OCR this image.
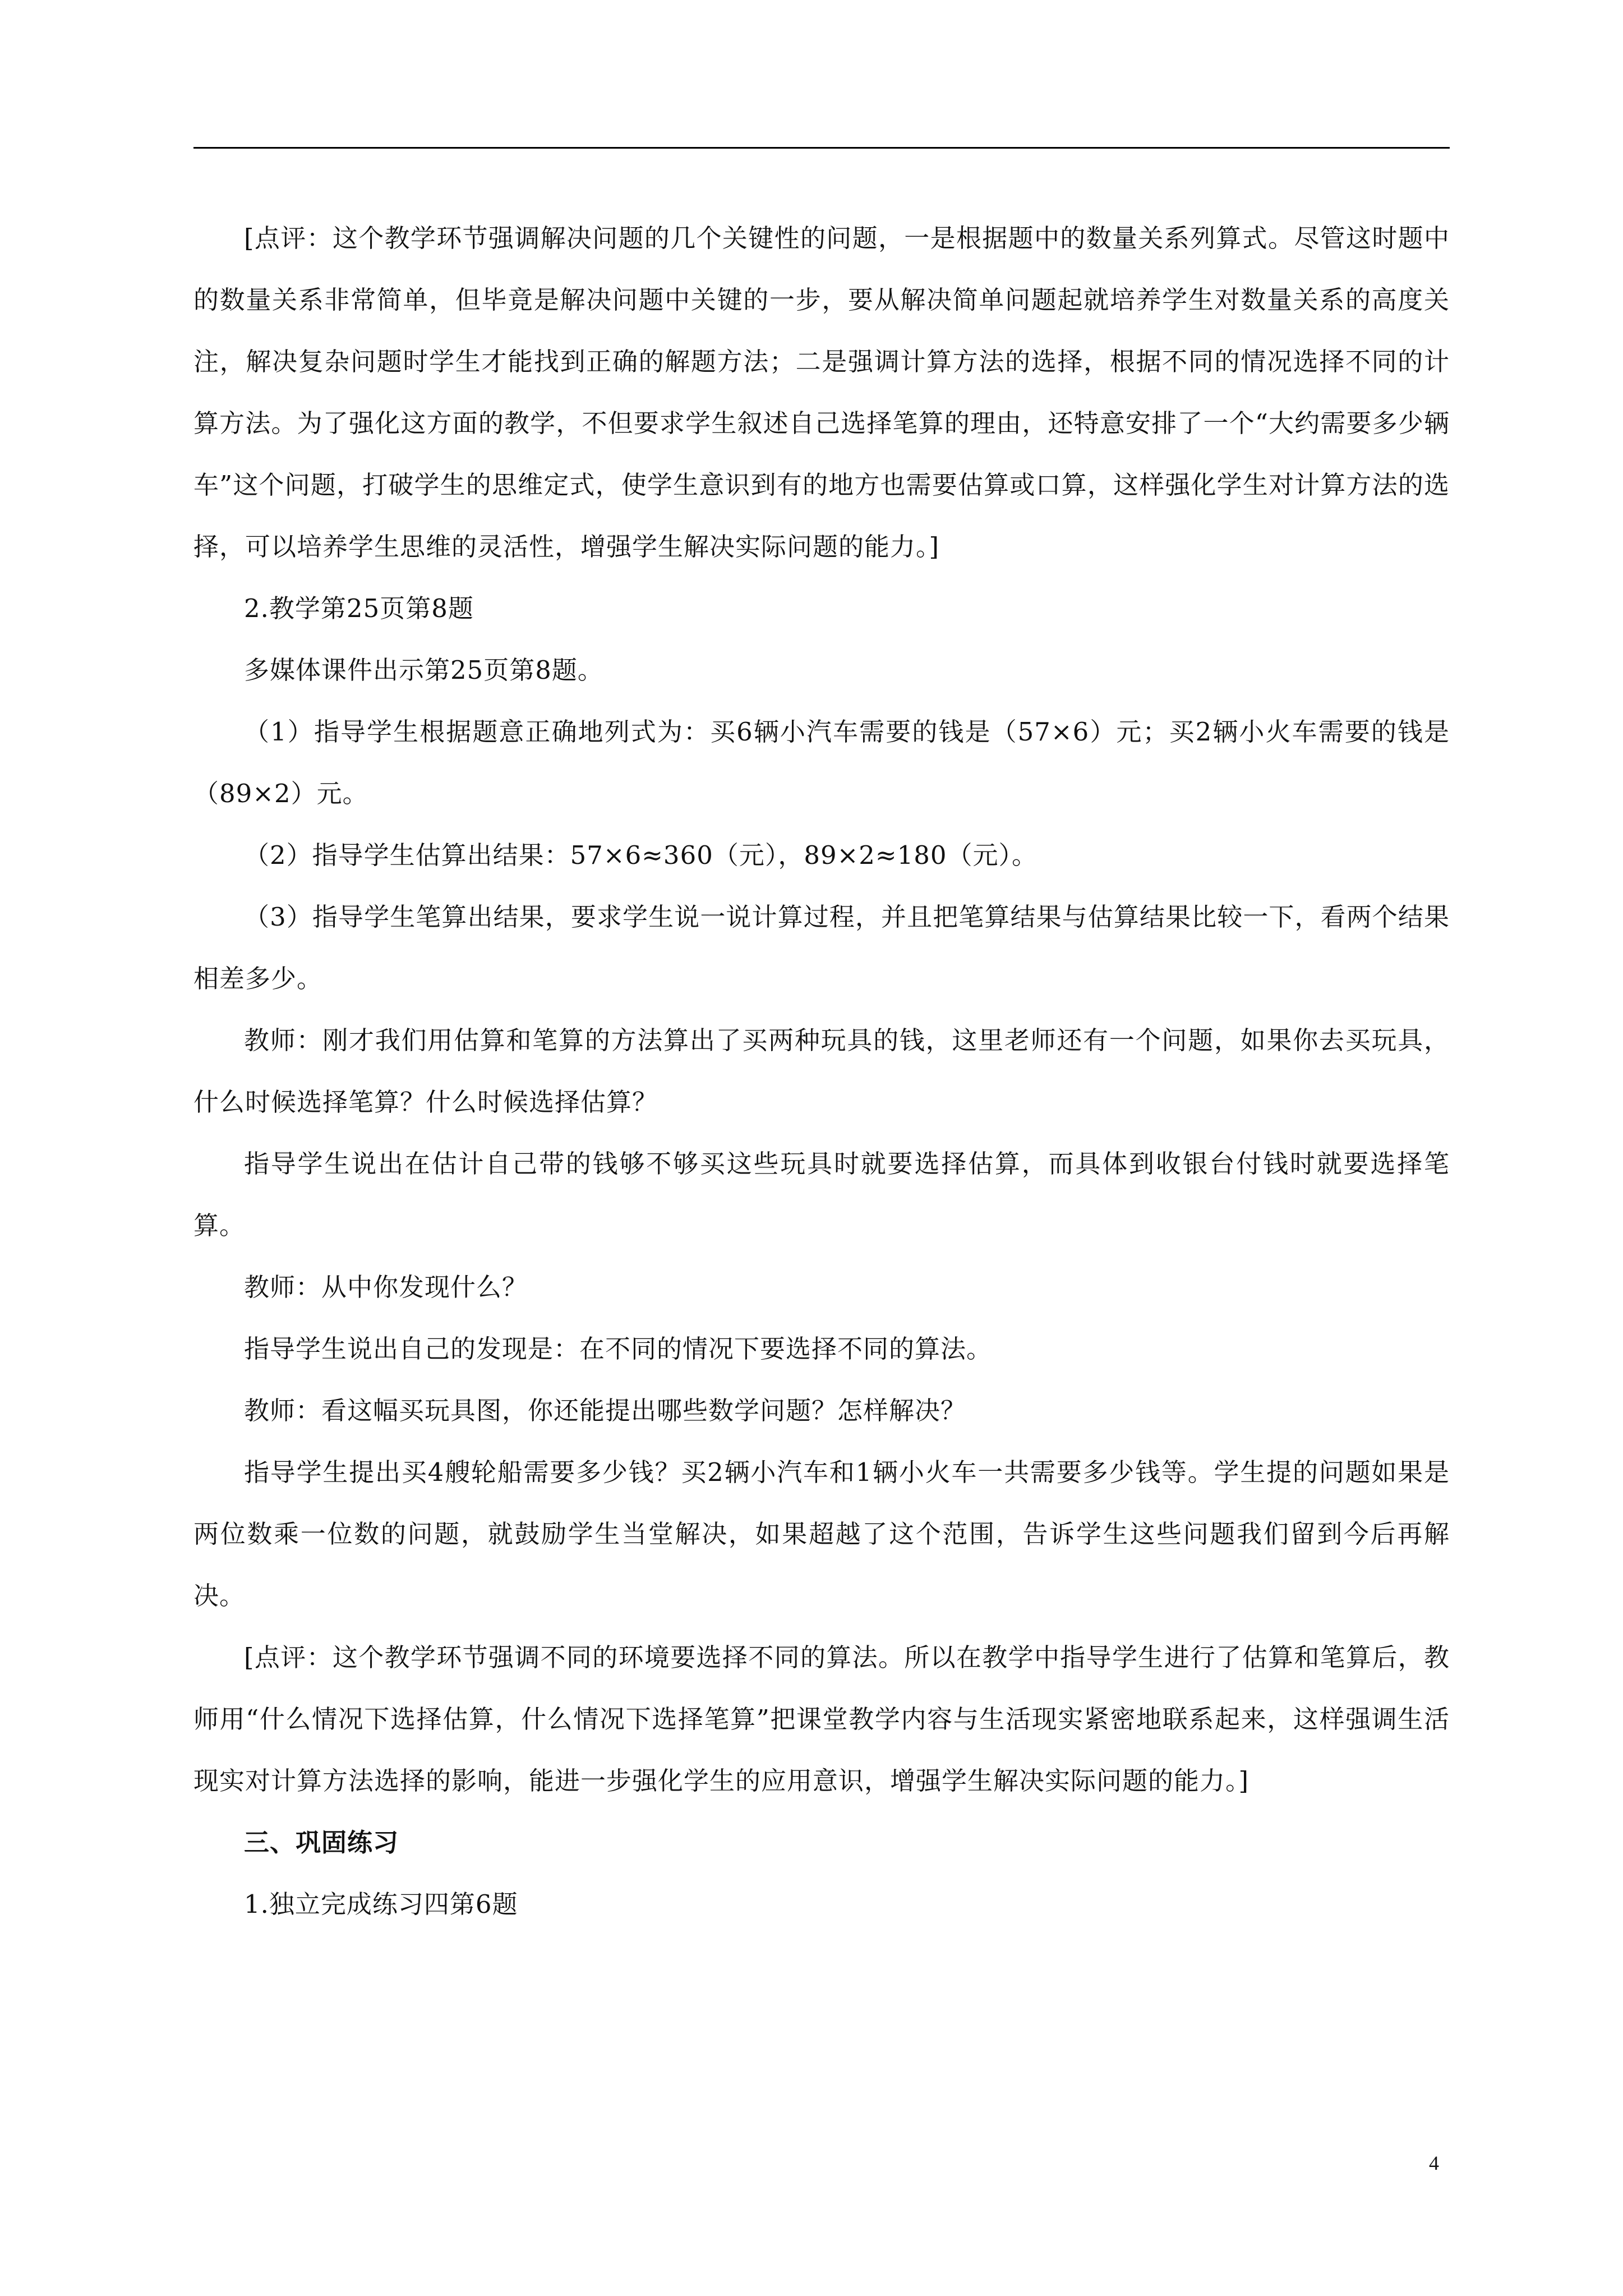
[点评：这个教学环节强调解决问题的几个关键性的问题，一是根据题中的数量关系列算式。尽管这时题中的数量关系非常简单，但毕竟是解决问题中关键的一步，要从解决简单问题起就培养学生对数量关系的高度关注，解决复杂问题时学生才能找到正确的解题方法；二是强调计算方法的选择，根据不同的情况选择不同的计算方法。为了强化这方面的教学，不但要求学生叙述自己选择笔算的理由，还特意安排了一个“大约需要多少辆车”这个问题，打破学生的思维定式，使学生意识到有的地方也需要估算或口算，这样强化学生对计算方法的选择，可以培养学生思维的灵活性，增强学生解决实际问题的能力。]

2.教学第25页第8题

多媒体课件出示第25页第8题。

（1）指导学生根据题意正确地列式为：买6辆小汽车需要的钱是（57×6）元；买2辆小火车需要的钱是（89×2）元。

（2）指导学生估算出结果：57×6≈360（元），89×2≈180（元）。

（3）指导学生笔算出结果，要求学生说一说计算过程，并且把笔算结果与估算结果比较一下，看两个结果相差多少。

教师：刚才我们用估算和笔算的方法算出了买两种玩具的钱，这里老师还有一个问题，如果你去买玩具，什么时候选择笔算？什么时候选择估算？

指导学生说出在估计自己带的钱够不够买这些玩具时就要选择估算，而具体到收银台付钱时就要选择笔算。

教师：从中你发现什么？

指导学生说出自己的发现是：在不同的情况下要选择不同的算法。

教师：看这幅买玩具图，你还能提出哪些数学问题？怎样解决？

指导学生提出买4艘轮船需要多少钱？买2辆小汽车和1辆小火车一共需要多少钱等。学生提的问题如果是两位数乘一位数的问题，就鼓励学生当堂解决，如果超越了这个范围，告诉学生这些问题我们留到今后再解决。

[点评：这个教学环节强调不同的环境要选择不同的算法。所以在教学中指导学生进行了估算和笔算后，教师用“什么情况下选择估算，什么情况下选择笔算”把课堂教学内容与生活现实紧密地联系起来，这样强调生活现实对计算方法选择的影响，能进一步强化学生的应用意识，增强学生解决实际问题的能力。]

三、巩固练习

1.独立完成练习四第6题

4
